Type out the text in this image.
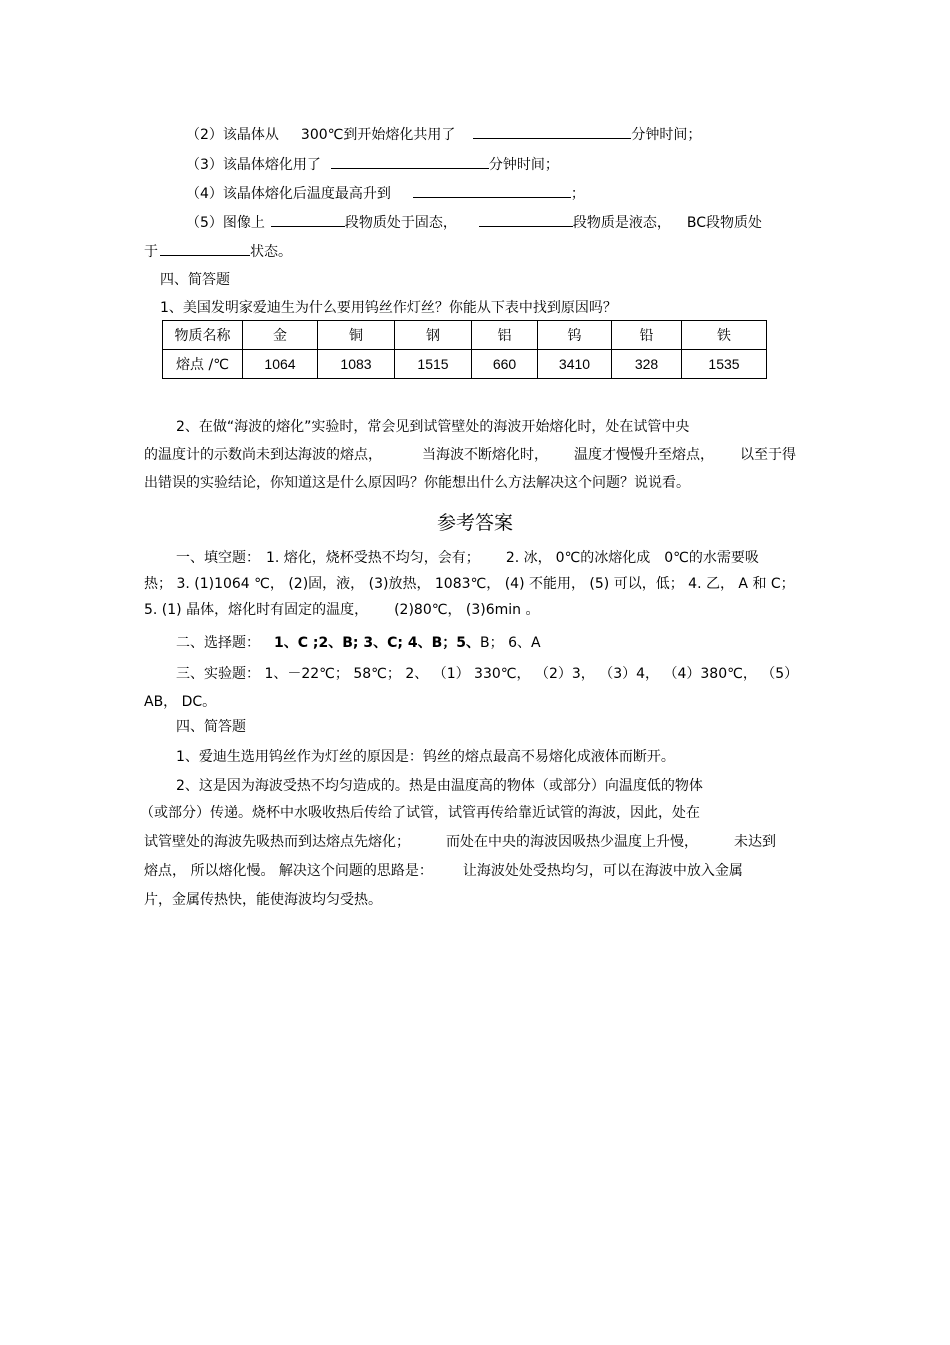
（2）该晶体从 300℃到开始熔化共用了	分钟时间；
（3）该晶体熔化用了	分钟时间；
（4）该晶体熔化后温度最高升到	；
（5）图像上	段物质处于固态，	段物质是液态， BC段物质处
于	状态。
四、简答题
1、美国发明家爱迪生为什么要用钨丝作灯丝？你能从下表中找到原因吗？
物质名称	金	铜	钢	铝	钨	铅	铁
熔点 /℃	1064	1083	1515	660	3410	328	1535
2、在做“海波的熔化”实验时，常会见到试管壁处的海波开始熔化时，处在试管中央
的温度计的示数尚未到达海波的熔点，	当海波不断熔化时， 温度才慢慢升至熔点， 以至于得
出错误的实验结论，你知道这是什么原因吗？你能想出什么方法解决这个问题？说说看。
参考答案
一、填空题： 1. 熔化，烧杯受热不均匀，会有； 2. 冰， 0℃的冰熔化成 0℃的水需要吸
热； 3. (1)1064 ℃， (2)固，液， (3)放热， 1083℃， (4) 不能用， (5) 可以，低； 4. 乙， A 和 C；
5. (1) 晶体，熔化时有固定的温度， (2)80℃， (3)6min 。
二、选择题： 1、C ;2、B; 3、C; 4、B；5、B； 6、A
三、实验题： 1、－22℃； 58℃； 2、 （1） 330℃， （2）3， （3）4， （4）380℃， （5）
AB， DC。
四、简答题
1、爱迪生选用钨丝作为灯丝的原因是：钨丝的熔点最高不易熔化成液体而断开。
2、这是因为海波受热不均匀造成的。热是由温度高的物体（或部分）向温度低的物体
（或部分）传递。烧杯中水吸收热后传给了试管，试管再传给靠近试管的海波，因此，处在
试管壁处的海波先吸热而到达熔点先熔化；	而处在中央的海波因吸热少温度上升慢，	未达到
熔点， 所以熔化慢。 解决这个问题的思路是： 让海波处处受热均匀，可以在海波中放入金属
片，金属传热快，能使海波均匀受热。
